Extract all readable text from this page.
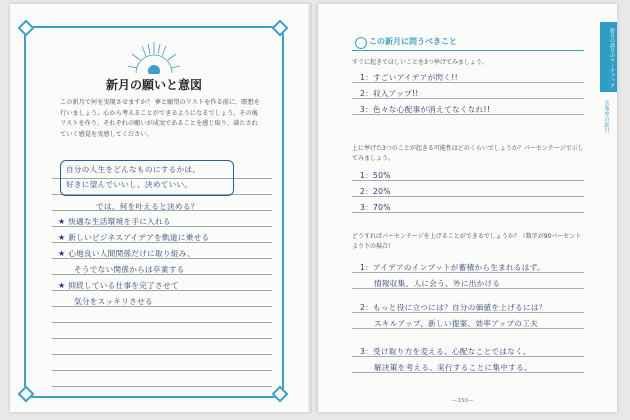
新月の願いと意図
この新月で何を実現させますか？ 夢と願望のリストを作る前に、瞑想を行いましょう。心から考えることができるようになるでしょう。その後リストを作り、それぞれの願いが成実であることを感じ取り、満たされていく感覚を実感してください。
自分の人生をどんなものにするかは、
好きに望んでいいし、決めていい。
では、何を叶えると決める？
★ 快適な生活環境を手に入れる
★ 新しいビジネスアイデアを軌道に乗せる
★ 心地良い人間関係だけに取り組み、
そうでない関係からは卒業する
★ 抑続している仕事を完了させて
気分をスッキリさせる
新月の満月のワークブック
水瓶座の新月
この新月に問うべきこと
すぐに起きてほしいことを3つ挙げてみましょう。
1：すごいアイデアが閃く!!
2：収入アップ!!
3：色々な心配事が消えてなくなれ!!
上に挙げた3つのことが起きる可能性はどのくらいでしょうか？パーセンテージで示してみましょう。
1：50%
2：20%
3：70%
どうすればパーセンテージを上げることができるでしょうか？（数字が90パーセントより下の場合）
1：アイデアのインプットが蓄積から生まれるはず。
情報収集、人に会う、外に出かける
2：もっと役に立つには？自分の価値を上げるには？
スキルアップ、新しい提案、効率アップの工夫
3：受け取り方を変える。心配なことではなく、
解決策を考える、実行することに集中する。
—150—
